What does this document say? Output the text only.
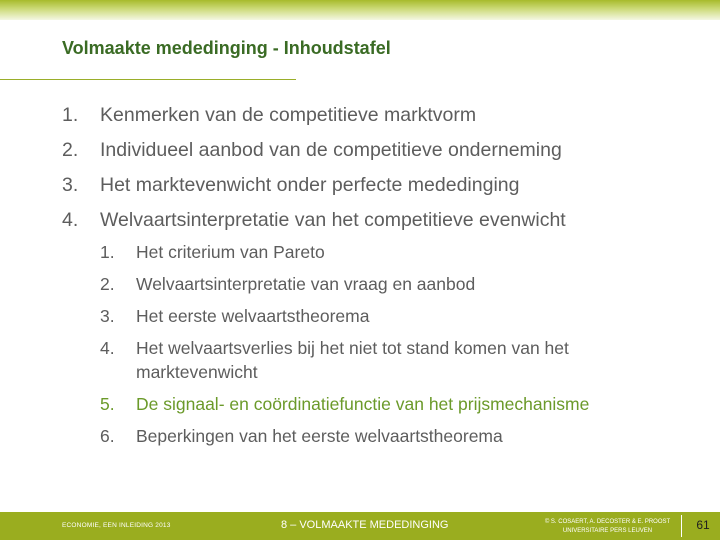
Volmaakte mededinging - Inhoudstafel
1.	Kenmerken van de competitieve marktvorm
2.	Individueel aanbod van de competitieve onderneming
3.	Het marktevenwicht onder perfecte mededinging
4.	Welvaartsinterpretatie van het competitieve evenwicht
1.	Het criterium van Pareto
2.	Welvaartsinterpretatie van vraag en aanbod
3.	Het eerste welvaartstheorema
4.	Het welvaartsverlies bij het niet tot stand komen van het marktevenwicht
5.	De signaal- en coördinatiefunctie van het prijsmechanisme
6.	Beperkingen van het eerste welvaartstheorema
ECONOMIE, EEN INLEIDING 2013	8 – VOLMAAKTE MEDEDINGING	© S. COSAERT, A. DECOSTER & E. PROOST
UNIVERSITAIRE PERS LEUVEN	61
